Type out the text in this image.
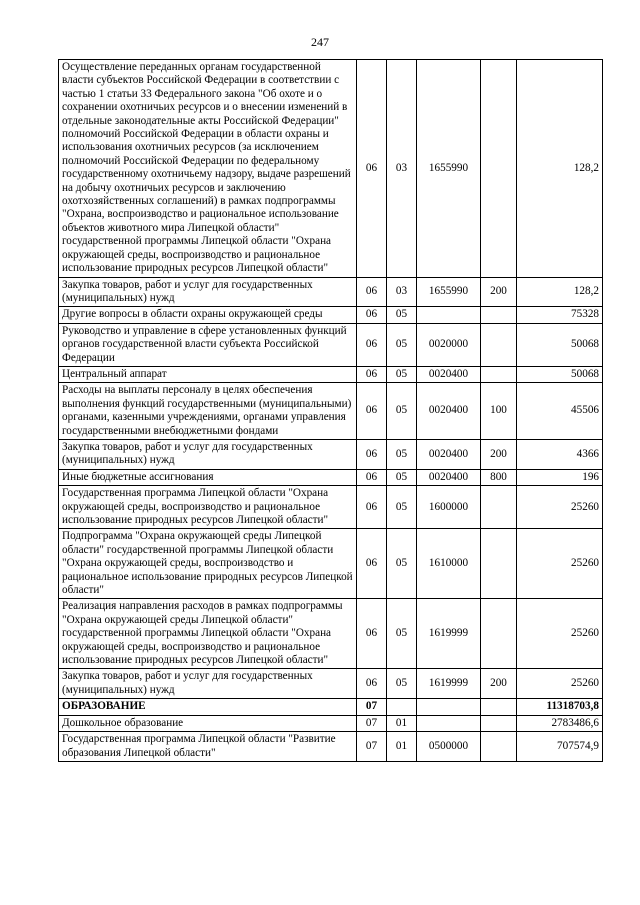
247
Осуществление переданных органам государственной власти субъектов Российской Федерации в соответствии с частью 1 статьи 33 Федерального закона "Об охоте и о сохранении охотничьих ресурсов и о внесении изменений в отдельные законодательные акты Российской Федерации" полномочий Российской Федерации в области охраны и использования охотничьих ресурсов (за исключением полномочий Российской Федерации по федеральному государственному охотничьему надзору, выдаче разрешений на добычу охотничьих ресурсов и заключению охотхозяйственных соглашений) в рамках подпрограммы "Охрана, воспроизводство и рациональное использование объектов животного мира Липецкой области" государственной программы Липецкой области "Охрана окружающей среды, воспроизводство и рациональное использование природных ресурсов Липецкой области"	06	03	1655990		128,2
Закупка товаров, работ и услуг для государственных (муниципальных) нужд	06	03	1655990	200	128,2
Другие вопросы в области охраны окружающей среды	06	05			75328
Руководство и управление в сфере установленных функций органов государственной власти субъекта Российской Федерации	06	05	0020000		50068
Центральный аппарат	06	05	0020400		50068
Расходы на выплаты персоналу в целях обеспечения выполнения функций государственными (муниципальными) органами, казенными учреждениями, органами управления государственными внебюджетными фондами	06	05	0020400	100	45506
Закупка товаров, работ и услуг для государственных (муниципальных) нужд	06	05	0020400	200	4366
Иные бюджетные ассигнования	06	05	0020400	800	196
Государственная программа Липецкой области "Охрана окружающей среды, воспроизводство и рациональное использование природных ресурсов Липецкой области"	06	05	1600000		25260
Подпрограмма "Охрана окружающей среды Липецкой области" государственной программы Липецкой области "Охрана окружающей среды, воспроизводство и рациональное использование природных ресурсов Липецкой области"	06	05	1610000		25260
Реализация направления расходов в рамках подпрограммы "Охрана окружающей среды Липецкой области" государственной программы Липецкой области "Охрана окружающей среды, воспроизводство и рациональное использование природных ресурсов Липецкой области"	06	05	1619999		25260
Закупка товаров, работ и услуг для государственных (муниципальных) нужд	06	05	1619999	200	25260
ОБРАЗОВАНИЕ	07				11318703,8
Дошкольное образование	07	01			2783486,6
Государственная программа Липецкой области "Развитие образования Липецкой области"	07	01	0500000		707574,9
